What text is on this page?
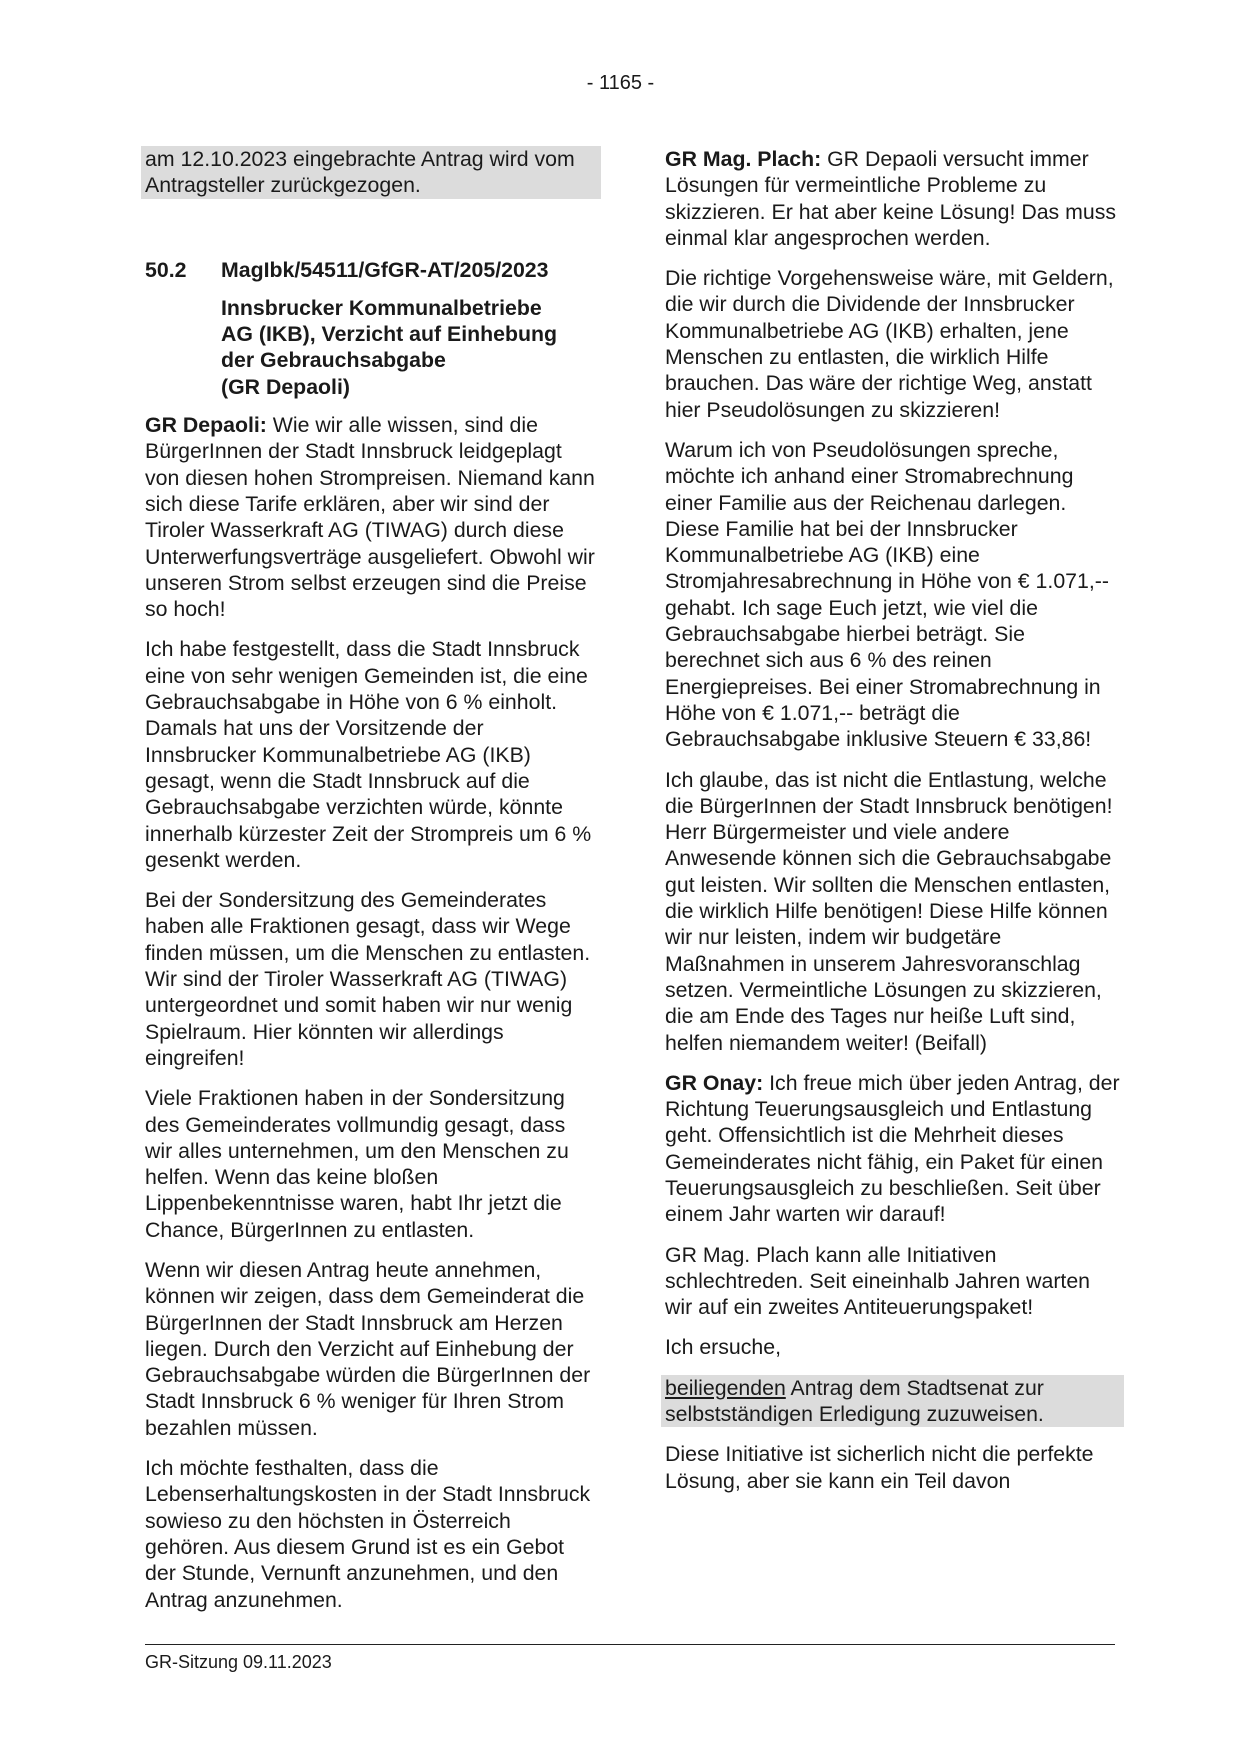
- 1165 -

am 12.10.2023 eingebrachte Antrag wird vom Antragsteller zurückgezogen.

50.2	MagIbk/54511/GfGR-AT/205/2023
Innsbrucker Kommunalbetriebe
AG (IKB), Verzicht auf Einhebung
der Gebrauchsabgabe
(GR Depaoli)

GR Depaoli: Wie wir alle wissen, sind die BürgerInnen der Stadt Innsbruck leidgeplagt von diesen hohen Strompreisen. Niemand kann sich diese Tarife erklären, aber wir sind der Tiroler Wasserkraft AG (TIWAG) durch diese Unterwerfungsverträge ausgeliefert. Obwohl wir unseren Strom selbst erzeugen sind die Preise so hoch!

Ich habe festgestellt, dass die Stadt Innsbruck eine von sehr wenigen Gemeinden ist, die eine Gebrauchsabgabe in Höhe von 6 % einholt. Damals hat uns der Vorsitzende der Innsbrucker Kommunalbetriebe AG (IKB) gesagt, wenn die Stadt Innsbruck auf die Gebrauchsabgabe verzichten würde, könnte innerhalb kürzester Zeit der Strompreis um 6 % gesenkt werden.

Bei der Sondersitzung des Gemeinderates haben alle Fraktionen gesagt, dass wir Wege finden müssen, um die Menschen zu entlasten. Wir sind der Tiroler Wasserkraft AG (TIWAG) untergeordnet und somit haben wir nur wenig Spielraum. Hier könnten wir allerdings eingreifen!

Viele Fraktionen haben in der Sondersitzung des Gemeinderates vollmundig gesagt, dass wir alles unternehmen, um den Menschen zu helfen. Wenn das keine bloßen Lippenbekenntnisse waren, habt Ihr jetzt die Chance, BürgerInnen zu entlasten.

Wenn wir diesen Antrag heute annehmen, können wir zeigen, dass dem Gemeinderat die BürgerInnen der Stadt Innsbruck am Herzen liegen. Durch den Verzicht auf Einhebung der Gebrauchsabgabe würden die BürgerInnen der Stadt Innsbruck 6 % weniger für Ihren Strom bezahlen müssen.

Ich möchte festhalten, dass die Lebenserhaltungskosten in der Stadt Innsbruck sowieso zu den höchsten in Österreich gehören. Aus diesem Grund ist es ein Gebot der Stunde, Vernunft anzunehmen, und den Antrag anzunehmen.

GR Mag. Plach: GR Depaoli versucht immer Lösungen für vermeintliche Probleme zu skizzieren. Er hat aber keine Lösung! Das muss einmal klar angesprochen werden.

Die richtige Vorgehensweise wäre, mit Geldern, die wir durch die Dividende der Innsbrucker Kommunalbetriebe AG (IKB) erhalten, jene Menschen zu entlasten, die wirklich Hilfe brauchen. Das wäre der richtige Weg, anstatt hier Pseudolösungen zu skizzieren!

Warum ich von Pseudolösungen spreche, möchte ich anhand einer Stromabrechnung einer Familie aus der Reichenau darlegen. Diese Familie hat bei der Innsbrucker Kommunalbetriebe AG (IKB) eine Stromjahresabrechnung in Höhe von € 1.071,-- gehabt. Ich sage Euch jetzt, wie viel die Gebrauchsabgabe hierbei beträgt. Sie berechnet sich aus 6 % des reinen Energiepreises. Bei einer Stromabrechnung in Höhe von € 1.071,-- beträgt die Gebrauchsabgabe inklusive Steuern € 33,86!

Ich glaube, das ist nicht die Entlastung, welche die BürgerInnen der Stadt Innsbruck benötigen! Herr Bürgermeister und viele andere Anwesende können sich die Gebrauchsabgabe gut leisten. Wir sollten die Menschen entlasten, die wirklich Hilfe benötigen! Diese Hilfe können wir nur leisten, indem wir budgetäre Maßnahmen in unserem Jahresvoranschlag setzen. Vermeintliche Lösungen zu skizzieren, die am Ende des Tages nur heiße Luft sind, helfen niemandem weiter! (Beifall)

GR Onay: Ich freue mich über jeden Antrag, der Richtung Teuerungsausgleich und Entlastung geht. Offensichtlich ist die Mehrheit dieses Gemeinderates nicht fähig, ein Paket für einen Teuerungsausgleich zu beschließen. Seit über einem Jahr warten wir darauf!

GR Mag. Plach kann alle Initiativen schlechtreden. Seit eineinhalb Jahren warten wir auf ein zweites Antiteuerungspaket!

Ich ersuche,

beiliegenden Antrag dem Stadtsenat zur selbstständigen Erledigung zuzuweisen.

Diese Initiative ist sicherlich nicht die perfekte Lösung, aber sie kann ein Teil davon

GR-Sitzung 09.11.2023
